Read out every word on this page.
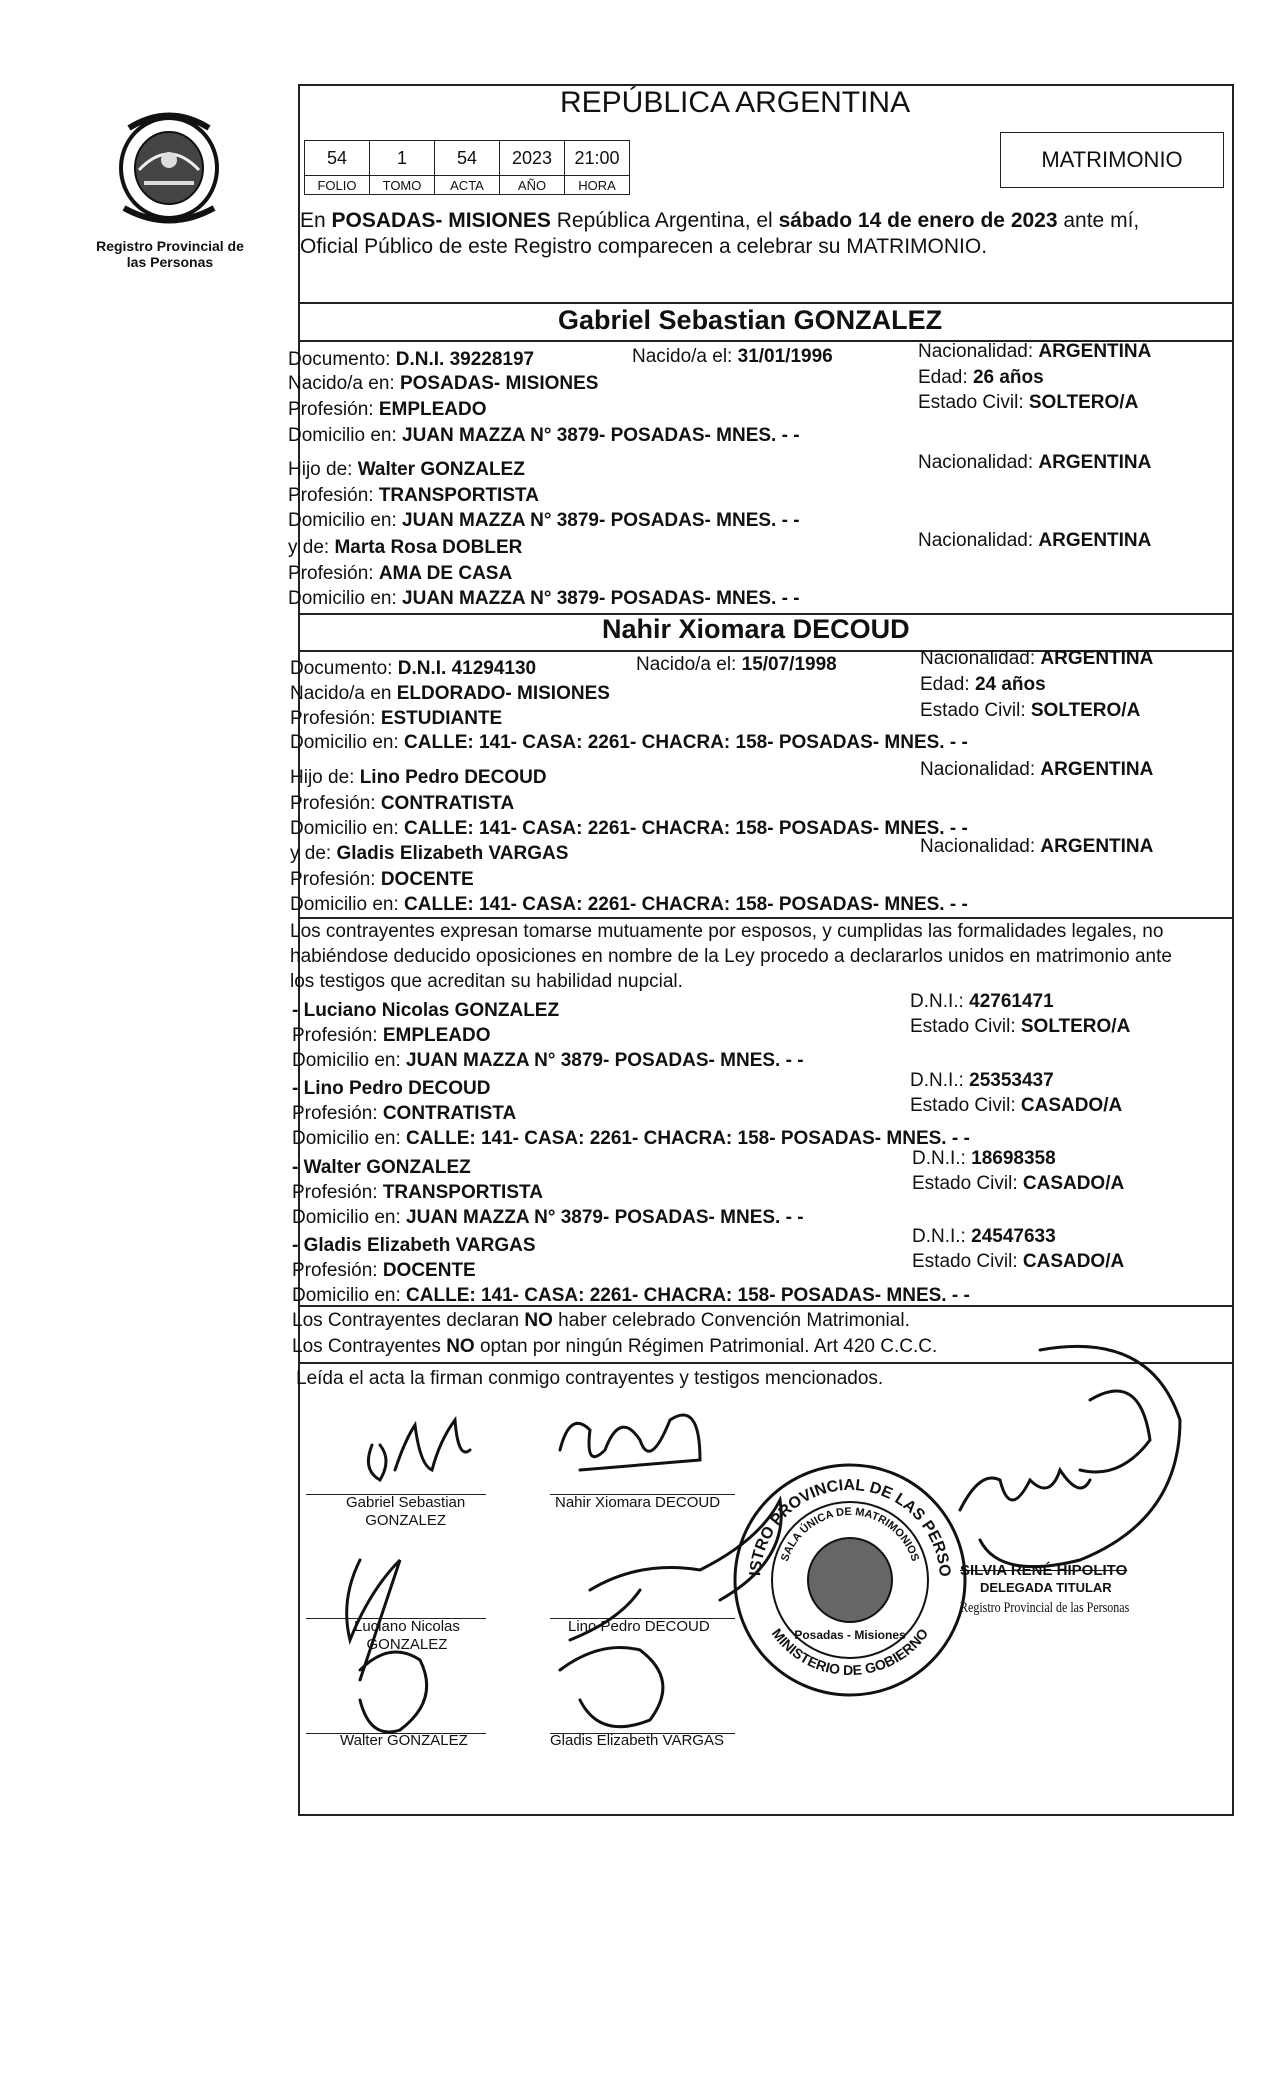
Registro Provincial de las Personas
REPÚBLICA ARGENTINA
54	1	54	2023	21:00
FOLIO	TOMO	ACTA	AÑO	HORA
MATRIMONIO
En POSADAS- MISIONES República Argentina, el sábado 14 de enero de 2023 ante mí,
Oficial Público de este Registro comparecen a celebrar su MATRIMONIO.
Gabriel Sebastian GONZALEZ
Documento: D.N.I. 39228197	Nacido/a el: 31/01/1996	Nacionalidad: ARGENTINA
Nacido/a en: POSADAS- MISIONES	Edad: 26 años
Profesión: EMPLEADO	Estado Civil: SOLTERO/A
Domicilio en: JUAN MAZZA N° 3879- POSADAS- MNES. - -
Hijo de: Walter GONZALEZ	Nacionalidad: ARGENTINA
Profesión: TRANSPORTISTA
Domicilio en: JUAN MAZZA N° 3879- POSADAS- MNES. - -
y de: Marta Rosa DOBLER	Nacionalidad: ARGENTINA
Profesión: AMA DE CASA
Domicilio en: JUAN MAZZA N° 3879- POSADAS- MNES. - -
Nahir Xiomara DECOUD
Documento: D.N.I. 41294130	Nacido/a el: 15/07/1998	Nacionalidad: ARGENTINA
Nacido/a en ELDORADO- MISIONES	Edad: 24 años
Profesión: ESTUDIANTE	Estado Civil: SOLTERO/A
Domicilio en: CALLE: 141- CASA: 2261- CHACRA: 158- POSADAS- MNES. - -
Hijo de: Lino Pedro DECOUD	Nacionalidad: ARGENTINA
Profesión: CONTRATISTA
Domicilio en: CALLE: 141- CASA: 2261- CHACRA: 158- POSADAS- MNES. - -
y de: Gladis Elizabeth VARGAS	Nacionalidad: ARGENTINA
Profesión: DOCENTE
Domicilio en: CALLE: 141- CASA: 2261- CHACRA: 158- POSADAS- MNES. - -
Los contrayentes expresan tomarse mutuamente por esposos, y cumplidas las formalidades legales, no
habiéndose deducido oposiciones en nombre de la Ley procedo a declararlos unidos en matrimonio ante
los testigos que acreditan su habilidad nupcial.
- Luciano Nicolas GONZALEZ	D.N.I.: 42761471
Profesión: EMPLEADO	Estado Civil: SOLTERO/A
Domicilio en: JUAN MAZZA N° 3879- POSADAS- MNES. - -
- Lino Pedro DECOUD	D.N.I.: 25353437
Profesión: CONTRATISTA	Estado Civil: CASADO/A
Domicilio en: CALLE: 141- CASA: 2261- CHACRA: 158- POSADAS- MNES. - -
- Walter GONZALEZ	D.N.I.: 18698358
Profesión: TRANSPORTISTA	Estado Civil: CASADO/A
Domicilio en: JUAN MAZZA N° 3879- POSADAS- MNES. - -
- Gladis Elizabeth VARGAS	D.N.I.: 24547633
Profesión: DOCENTE	Estado Civil: CASADO/A
Domicilio en: CALLE: 141- CASA: 2261- CHACRA: 158- POSADAS- MNES. - -
Los Contrayentes declaran NO haber celebrado Convención Matrimonial.
Los Contrayentes NO optan por ningún Régimen Patrimonial. Art 420 C.C.C.
Leída el acta la firman conmigo contrayentes y testigos mencionados.
Gabriel Sebastian
GONZALEZ
Nahir Xiomara DECOUD
Luciano Nicolas
GONZALEZ
Lino Pedro DECOUD
Walter GONZALEZ	Gladis Elizabeth VARGAS
ISTRO PROVINCIAL DE LAS PERSO
SALA ÚNICA DE MATRIMONIOS
MINISTERIO DE GOBIERNO
Posadas - Misiones
SILVIA RENÉ HIPOLITO
DELEGADA TITULAR
Registro Provincial de las Personas
